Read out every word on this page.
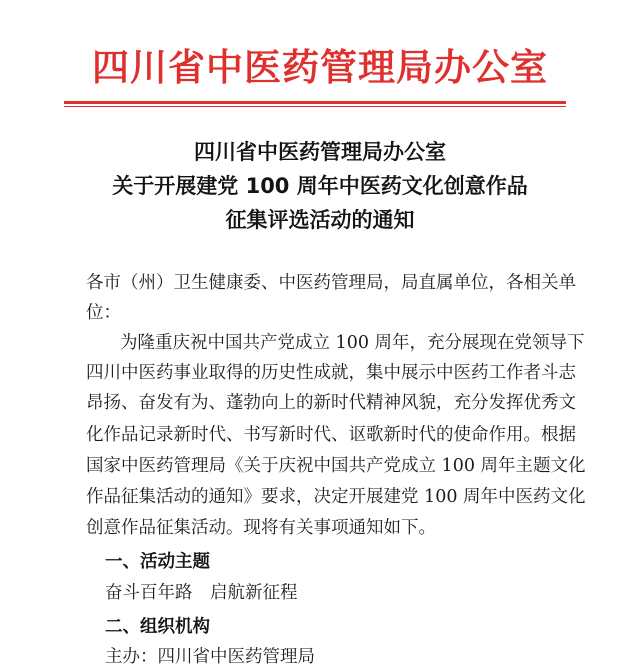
四川省中医药管理局办公室
四川省中医药管理局办公室
关于开展建党 100 周年中医药文化创意作品
征集评选活动的通知
各市（州）卫生健康委、中医药管理局，局直属单位，各相关单
位：
为隆重庆祝中国共产党成立 100 周年，充分展现在党领导下
四川中医药事业取得的历史性成就，集中展示中医药工作者斗志
昂扬、奋发有为、蓬勃向上的新时代精神风貌，充分发挥优秀文
化作品记录新时代、书写新时代、讴歌新时代的使命作用。根据
国家中医药管理局《关于庆祝中国共产党成立 100 周年主题文化
作品征集活动的通知》要求，决定开展建党 100 周年中医药文化
创意作品征集活动。现将有关事项通知如下。
一、活动主题
奋斗百年路　启航新征程
二、组织机构
主办：四川省中医药管理局
